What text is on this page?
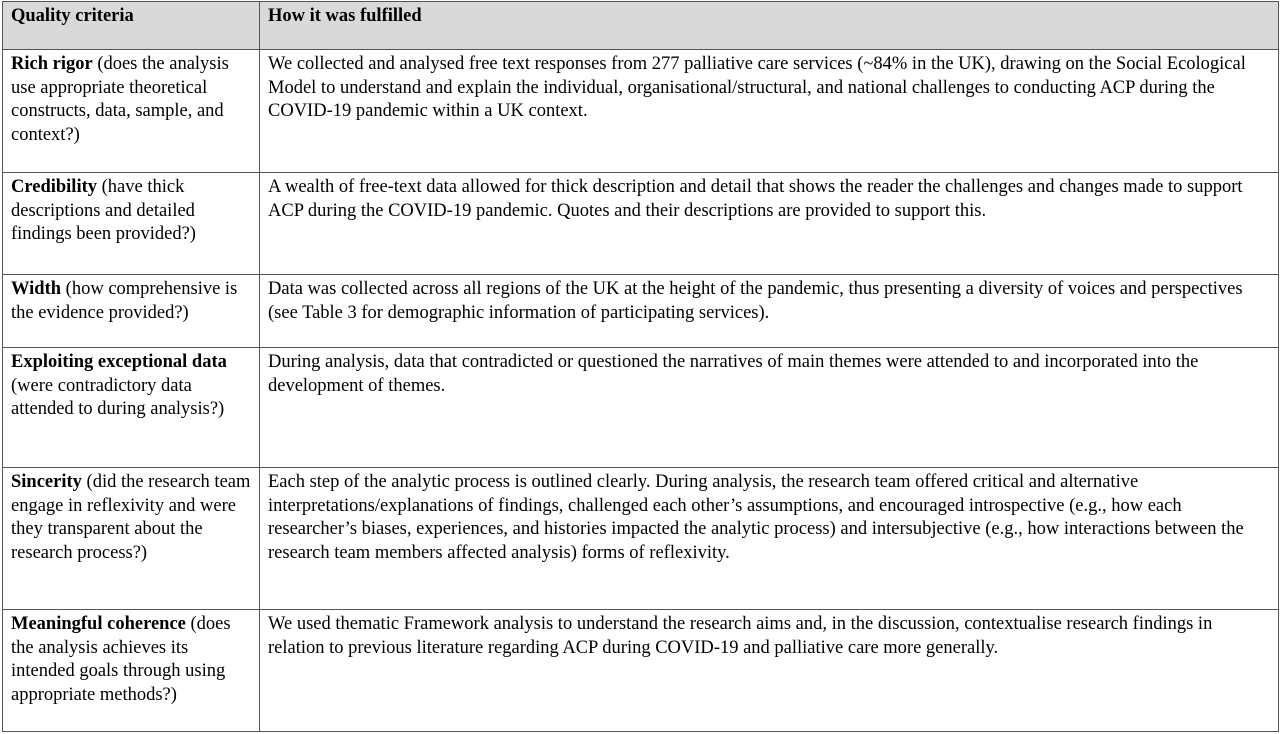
Quality criteria	How it was fulfilled
Rich rigor (does the analysis use appropriate theoretical constructs, data, sample, and context?)	We collected and analysed free text responses from 277 palliative care services (~84% in the UK), drawing on the Social Ecological Model to understand and explain the individual, organisational/structural, and national challenges to conducting ACP during the COVID-19 pandemic within a UK context.
Credibility (have thick descriptions and detailed findings been provided?)	A wealth of free-text data allowed for thick description and detail that shows the reader the challenges and changes made to support ACP during the COVID-19 pandemic. Quotes and their descriptions are provided to support this.
Width (how comprehensive is the evidence provided?)	Data was collected across all regions of the UK at the height of the pandemic, thus presenting a diversity of voices and perspectives (see Table 3 for demographic information of participating services).
Exploiting exceptional data (were contradictory data attended to during analysis?)	During analysis, data that contradicted or questioned the narratives of main themes were attended to and incorporated into the development of themes.
Sincerity (did the research team engage in reflexivity and were they transparent about the research process?)	Each step of the analytic process is outlined clearly. During analysis, the research team offered critical and alternative interpretations/explanations of findings, challenged each other’s assumptions, and encouraged introspective (e.g., how each researcher’s biases, experiences, and histories impacted the analytic process) and intersubjective (e.g., how interactions between the research team members affected analysis) forms of reflexivity.
Meaningful coherence (does the analysis achieves its intended goals through using appropriate methods?)	We used thematic Framework analysis to understand the research aims and, in the discussion, contextualise research findings in relation to previous literature regarding ACP during COVID-19 and palliative care more generally.
